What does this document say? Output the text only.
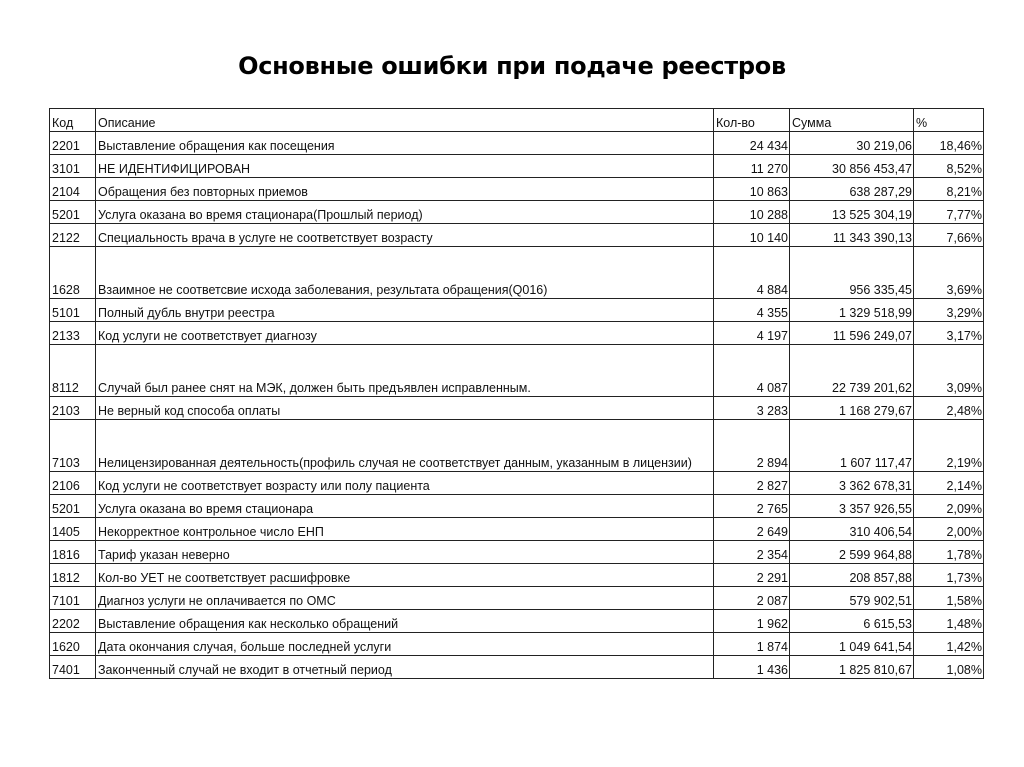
Основные ошибки при подаче реестров
Код	Описание	Кол-во	Сумма	%
2201	Выставление обращения как посещения	24 434	30 219,06	18,46%
3101	НЕ ИДЕНТИФИЦИРОВАН	11 270	30 856 453,47	8,52%
2104	Обращения без повторных приемов	10 863	638 287,29	8,21%
5201	Услуга оказана во время стационара(Прошлый период)	10 288	13 525 304,19	7,77%
2122	Специальность врача в услуге не соответствует возрасту	10 140	11 343 390,13	7,66%
1628	Взаимное не соответсвие исхода заболевания, результата обращения(Q016)	4 884	956 335,45	3,69%
5101	Полный дубль внутри реестра	4 355	1 329 518,99	3,29%
2133	Код услуги не соответствует диагнозу	4 197	11 596 249,07	3,17%
8112	Случай был ранее снят на МЭК, должен быть предъявлен исправленным.	4 087	22 739 201,62	3,09%
2103	Не верный код способа оплаты	3 283	1 168 279,67	2,48%
7103	Нелицензированная деятельность(профиль случая не соответствует данным, указанным в лицензии)	2 894	1 607 117,47	2,19%
2106	Код услуги не соответствует возрасту или полу пациента	2 827	3 362 678,31	2,14%
5201	Услуга оказана во время стационара	2 765	3 357 926,55	2,09%
1405	Некорректное контрольное число ЕНП	2 649	310 406,54	2,00%
1816	Тариф указан неверно	2 354	2 599 964,88	1,78%
1812	Кол-во УЕТ не соответствует расшифровке	2 291	208 857,88	1,73%
7101	Диагноз услуги не оплачивается по ОМС	2 087	579 902,51	1,58%
2202	Выставление обращения как несколько обращений	1 962	6 615,53	1,48%
1620	Дата окончания случая, больше последней услуги	1 874	1 049 641,54	1,42%
7401	Законченный случай не входит в отчетный период	1 436	1 825 810,67	1,08%
